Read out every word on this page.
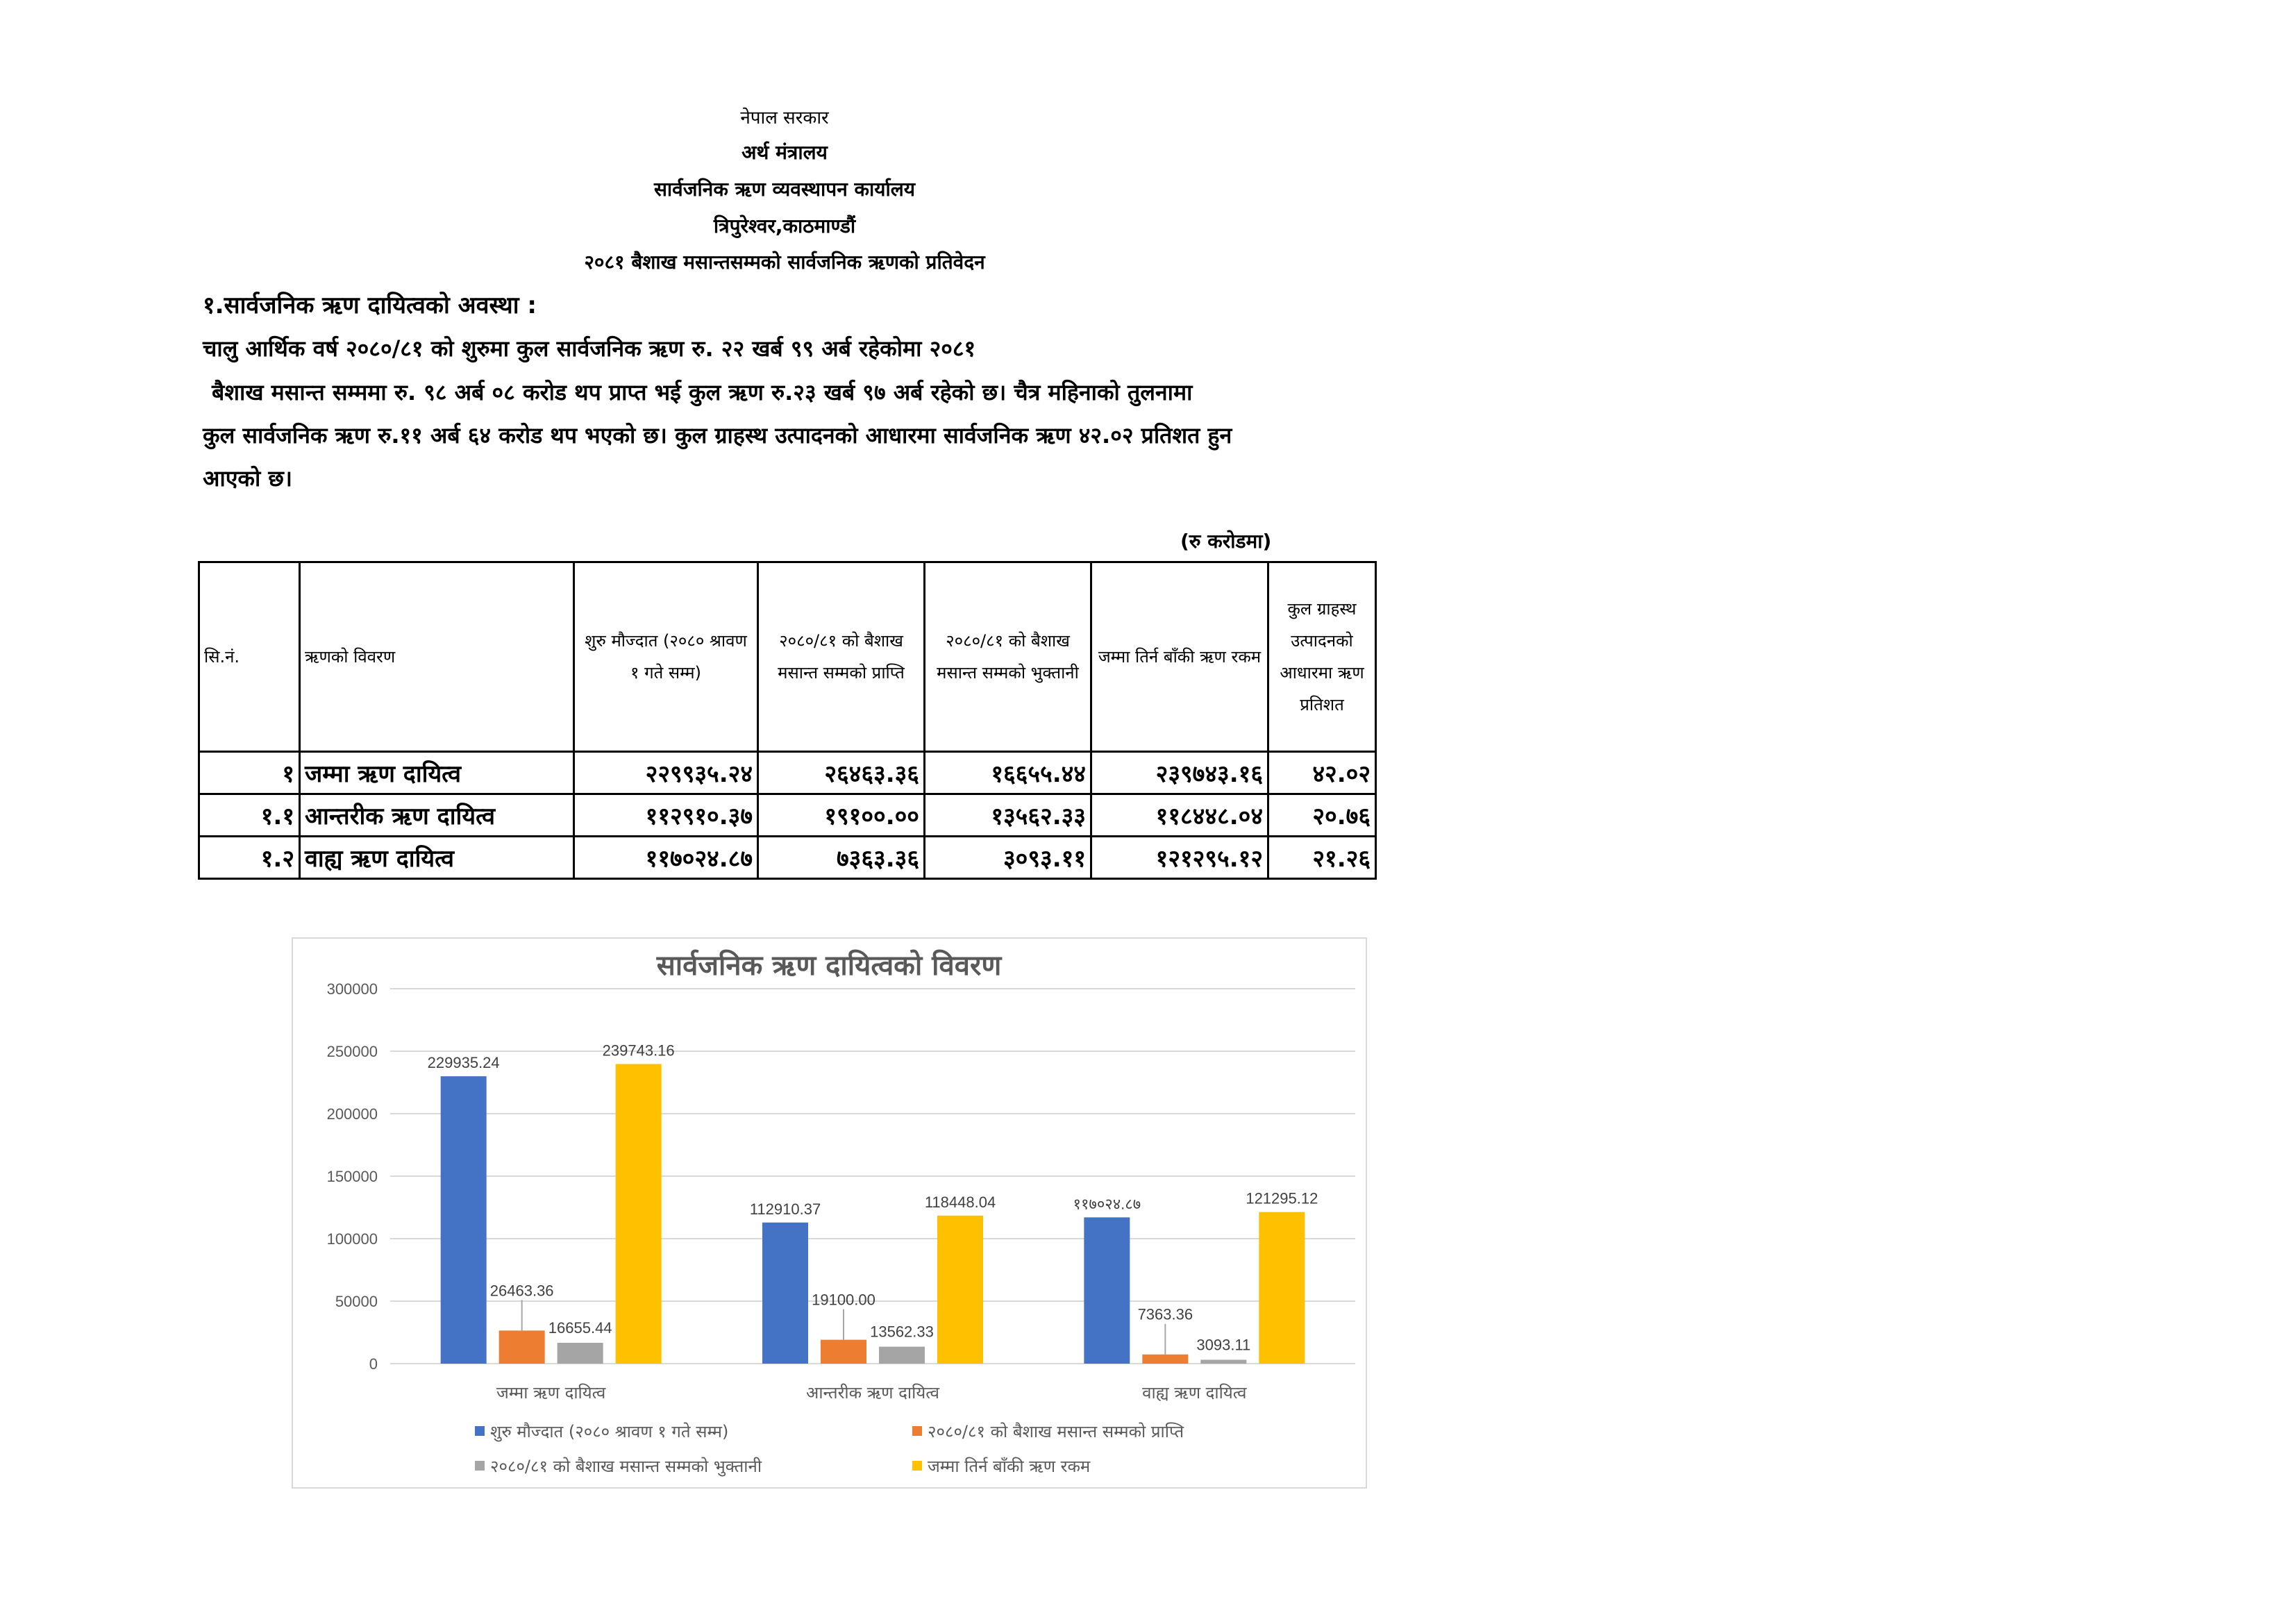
नेपाल सरकार
अर्थ मंत्रालय
सार्वजनिक ऋण व्यवस्थापन कार्यालय
त्रिपुरेश्वर,काठमाण्डौं
२०८१ बैशाख मसान्तसम्मको सार्वजनिक ऋणको प्रतिवेदन
१.सार्वजनिक ऋण दायित्वको अवस्था :
चालु आर्थिक वर्ष २०८०/८१ को शुरुमा कुल सार्वजनिक ऋण रु. २२ खर्ब ९९ अर्ब रहेकोमा २०८१
बैशाख मसान्त सम्ममा रु. ९८ अर्ब ०८ करोड थप प्राप्त भई कुल ऋण रु.२३ खर्ब ९७ अर्ब रहेको छ। चैत्र महिनाको तुलनामा
कुल सार्वजनिक ऋण रु.११ अर्ब ६४ करोड थप भएको छ। कुल ग्राहस्थ उत्पादनको आधारमा सार्वजनिक ऋण ४२.०२ प्रतिशत हुन
आएको छ।
(रु करोडमा)
सि.नं.	ऋणको विवरण	शुरु मौज्दात (२०८० श्रावण १ गते सम्म)	२०८०/८१ को बैशाख मसान्त सम्मको प्राप्ति	२०८०/८१ को बैशाख मसान्त सम्मको भुक्तानी	जम्मा तिर्न बाँकी ऋण रकम	कुल ग्राहस्थ उत्पादनको आधारमा ऋण प्रतिशत
१	जम्मा ऋण दायित्व	२२९९३५.२४	२६४६३.३६	१६६५५.४४	२३९७४३.१६	४२.०२
१.१	आन्तरीक ऋण दायित्व	११२९१०.३७	१९१००.००	१३५६२.३३	११८४४८.०४	२०.७६
१.२	वाह्य ऋण दायित्व	११७०२४.८७	७३६३.३६	३०९३.११	१२१२९५.१२	२१.२६
सार्वजनिक ऋण दायित्वको विवरण
0
50000
100000
150000
200000
250000
300000
229935.24
26463.36
16655.44
239743.16
जम्मा ऋण दायित्व
112910.37
19100.00
13562.33
118448.04
आन्तरीक ऋण दायित्व
११७०२४.८७
7363.36
3093.11
121295.12
वाह्य ऋण दायित्व
शुरु मौज्दात (२०८० श्रावण १ गते सम्म)	२०८०/८१ को बैशाख मसान्त सम्मको प्राप्ति
२०८०/८१ को बैशाख मसान्त सम्मको भुक्तानी	जम्मा तिर्न बाँकी ऋण रकम
